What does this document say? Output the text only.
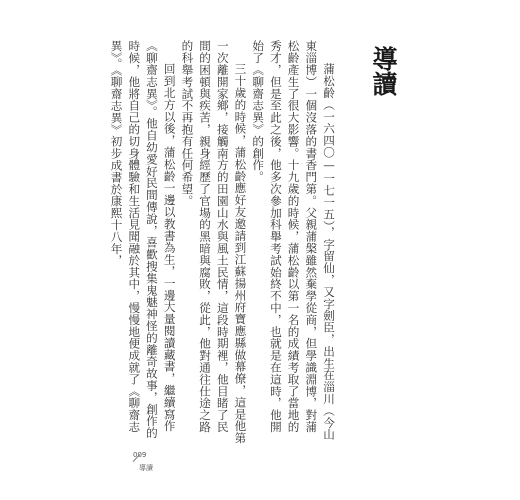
導讀

蒲松齡（一六四〇—一七一五），字留仙，又字劍臣，出生在淄川（今山東淄博）一個沒落的書香門第。父親蒲槃雖然棄學從商，但學識淵博，對蒲松齡產生了很大影響。十九歲的時候，蒲松齡以第一名的成績考取了當地的秀才，但是至此之後，他多次參加科舉考試始終不中，也就是在這時，他開始了《聊齋志異》的創作。

三十歲的時候，蒲松齡應好友邀請到江蘇揚州府寶應縣做幕僚，這是他第一次離開家鄉，接觸南方的田園山水與風土民情，這段時期裡，他目睹了民間的困頓與疾苦，親身經歷了官場的黑暗與腐敗，從此，他對通往仕途之路的科舉考試不再抱有任何希望。

回到北方以後，蒲松齡一邊以教書為生，一邊大量閱讀藏書，繼續寫作《聊齋志異》。他自幼愛好民間傳說，喜歡搜集鬼魅神怪的離奇故事，創作的時候，他將自己的切身體驗和生活見聞融於其中，慢慢地便成就了《聊齋志異》。《聊齋志異》初步成書於康熙十八年，

009
導讀
